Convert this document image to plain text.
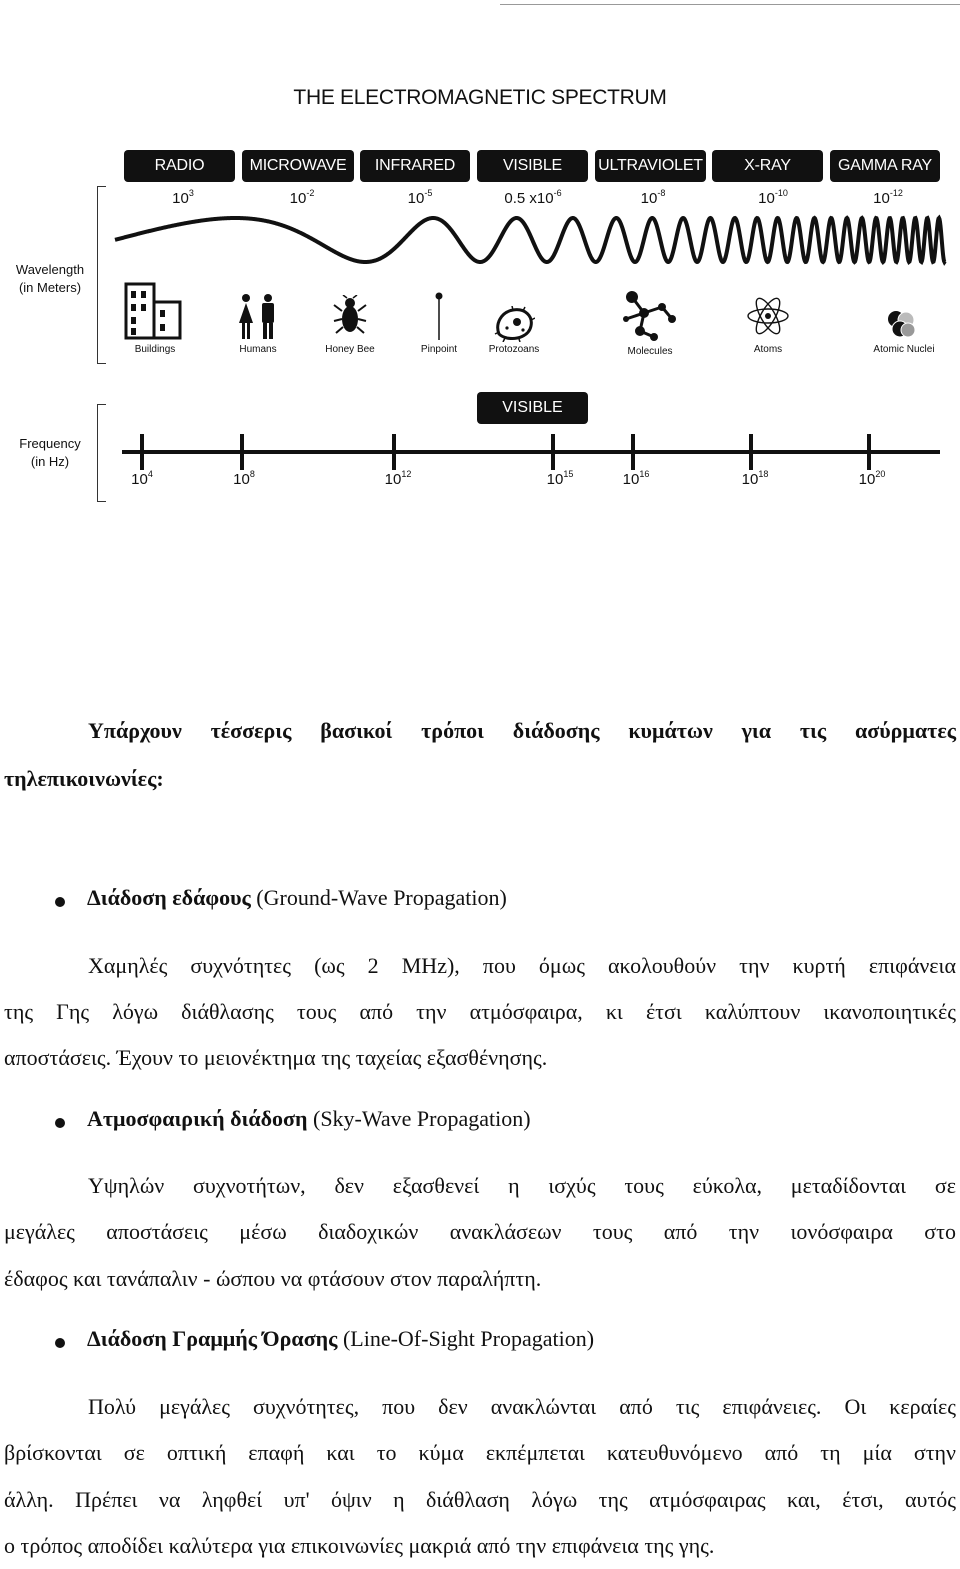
THE ELECTROMAGNETIC SPECTRUM
RADIO	MICROWAVE	INFRARED	VISIBLE	ULTRAVIOLET	X-RAY	GAMMA RAY
$10^3$	$10^{-2}$	$10^{-5}$	0.5 $x10^{-6}$	$10^{-8}$	$10^{-10}$	$10^{-12}$
Wavelength
(in Meters)
Buildings	Humans	Honey Bee	Pinpoint	Protozoans	Molecules	Atoms	Atomic Nuclei
Frequency
(in Hz)
VISIBLE
$10^4$	$10^8$	$10^{12}$	$10^{15}$	$10^{16}$	$10^{18}$	$10^{20}$
Υπάρχουν τέσσερις βασικοί τρόποι διάδοσης κυμάτων για τις ασύρματες
τηλεπικοινωνίες:
Διάδοση εδάφους (Ground-Wave Propagation)
Χαμηλές συχνότητες (ως 2 MHz), που όμως ακολουθούν την κυρτή επιφάνεια
της Γης λόγω διάθλασης τους από την ατμόσφαιρα, κι έτσι καλύπτουν ικανοποιητικές
αποστάσεις. Έχουν το μειονέκτημα της ταχείας εξασθένησης.
Ατμοσφαιρική διάδοση (Sky-Wave Propagation)
Υψηλών συχνοτήτων, δεν εξασθενεί η ισχύς τους εύκολα, μεταδίδονται σε
μεγάλες αποστάσεις μέσω διαδοχικών ανακλάσεων τους από την ιονόσφαιρα στο
έδαφος και τανάπαλιν - ώσπου να φτάσουν στον παραλήπτη.
Διάδοση Γραμμής Όρασης (Line-Of-Sight Propagation)
Πολύ μεγάλες συχνότητες, που δεν ανακλώνται από τις επιφάνειες. Οι κεραίες
βρίσκονται σε οπτική επαφή και το κύμα εκπέμπεται κατευθυνόμενο από τη μία στην
άλλη. Πρέπει να ληφθεί υπ' όψιν η διάθλαση λόγω της ατμόσφαιρας και, έτσι, αυτός
ο τρόπος αποδίδει καλύτερα για επικοινωνίες μακριά από την επιφάνεια της γης.
